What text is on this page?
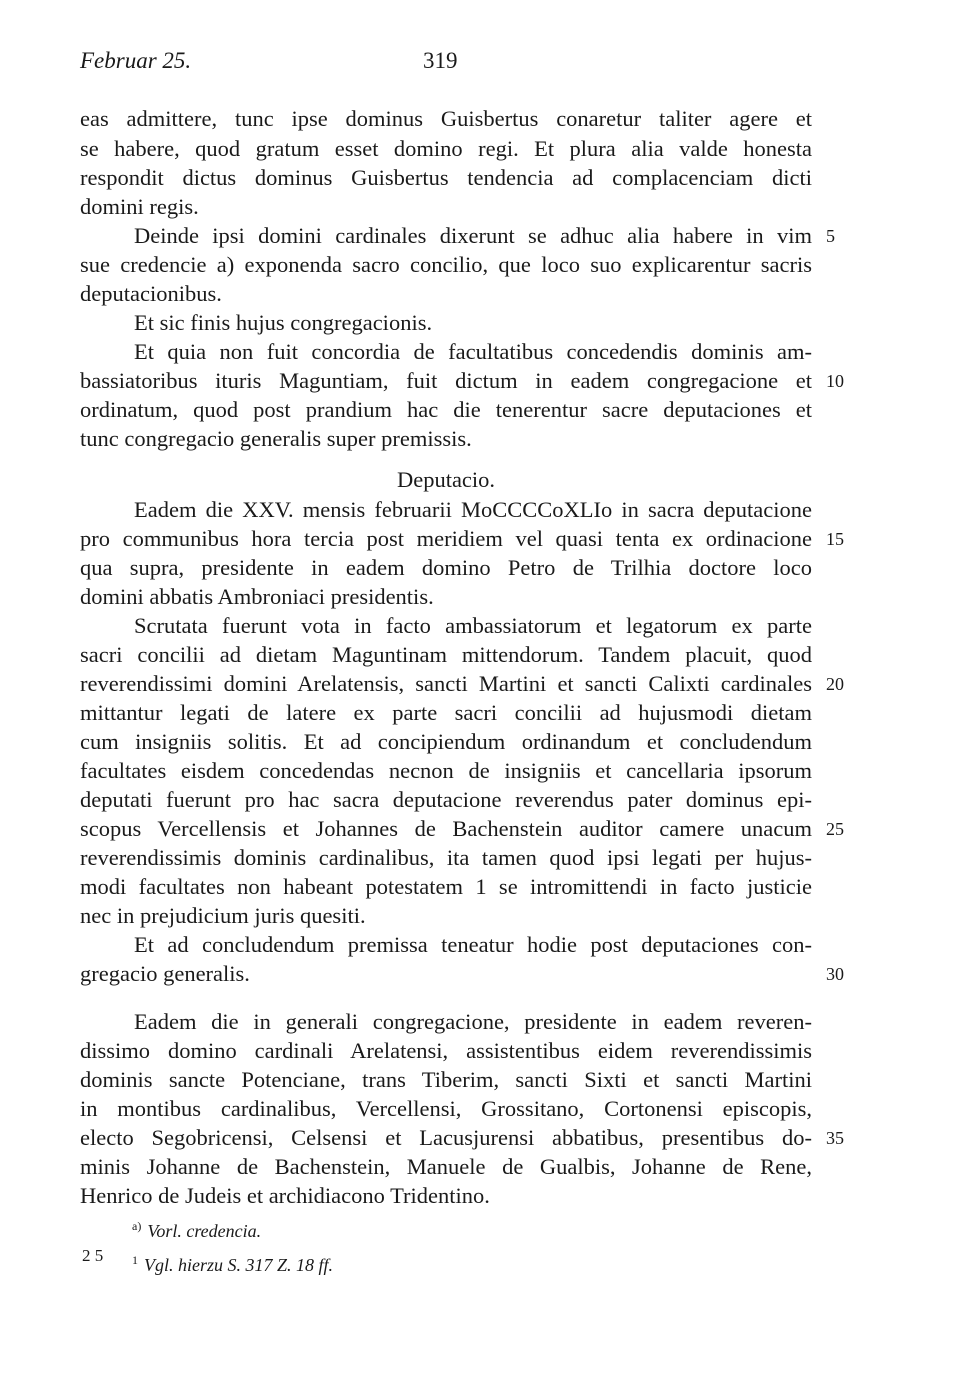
Februar 25.	319
eas admittere, tunc ipse dominus Guisbertus conaretur taliter agere et
se habere, quod gratum esset domino regi. Et plura alia valde honesta
respondit dictus dominus Guisbertus tendencia ad complacenciam dicti
domini regis.
Deinde ipsi domini cardinales dixerunt se adhuc alia habere in vim
sue credencie a) exponenda sacro concilio, que loco suo explicarentur sacris
deputacionibus.
Et sic finis hujus congregacionis.
Et quia non fuit concordia de facultatibus concedendis dominis am-
bassiatoribus ituris Maguntiam, fuit dictum in eadem congregacione et
ordinatum, quod post prandium hac die tenerentur sacre deputaciones et
tunc congregacio generalis super premissis.
Deputacio.
Eadem die XXV. mensis februarii MoCCCCoXLIo in sacra deputacione
pro communibus hora tercia post meridiem vel quasi tenta ex ordinacione
qua supra, presidente in eadem domino Petro de Trilhia doctore loco
domini abbatis Ambroniaci presidentis.
Scrutata fuerunt vota in facto ambassiatorum et legatorum ex parte
sacri concilii ad dietam Maguntinam mittendorum. Tandem placuit, quod
reverendissimi domini Arelatensis, sancti Martini et sancti Calixti cardinales
mittantur legati de latere ex parte sacri concilii ad hujusmodi dietam
cum insigniis solitis. Et ad concipiendum ordinandum et concludendum
facultates eisdem concedendas necnon de insigniis et cancellaria ipsorum
deputati fuerunt pro hac sacra deputacione reverendus pater dominus epi-
scopus Vercellensis et Johannes de Bachenstein auditor camere unacum
reverendissimis dominis cardinalibus, ita tamen quod ipsi legati per hujus-
modi facultates non habeant potestatem 1 se intromittendi in facto justicie
nec in prejudicium juris quesiti.
Et ad concludendum premissa teneatur hodie post deputaciones con-
gregacio generalis.
Eadem die in generali congregacione, presidente in eadem reveren-
dissimo domino cardinali Arelatensi, assistentibus eidem reverendissimis
dominis sancte Potenciane, trans Tiberim, sancti Sixti et sancti Martini
in montibus cardinalibus, Vercellensi, Grossitano, Cortonensi episcopis,
electo Segobricensi, Celsensi et Lacusjurensi abbatibus, presentibus do-
minis Johanne de Bachenstein, Manuele de Gualbis, Johanne de Rene,
Henrico de Judeis et archidiacono Tridentino.
5
10
15
20
25
30
35
$^{a)}$ Vorl. credencia.
$^1$ Vgl. hierzu S. 317 Z. 18 ff.
2 5
